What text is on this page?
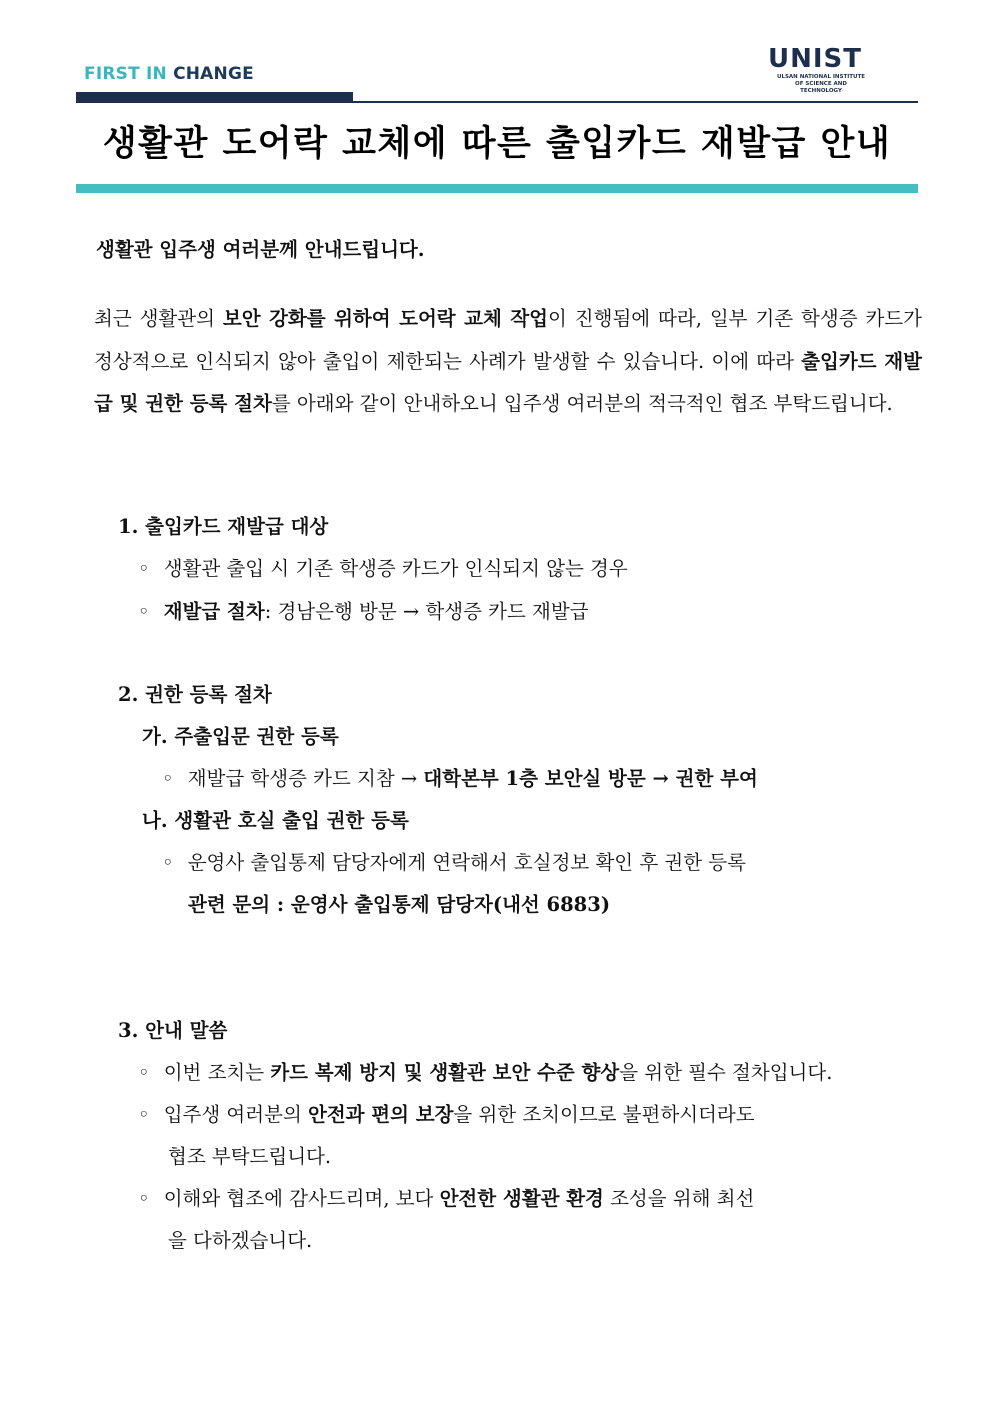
FIRST IN CHANGE	UNIST
ULSAN NATIONAL INSTITUTE OF SCIENCE AND TECHNOLOGY
생활관 도어락 교체에 따른 출입카드 재발급 안내
생활관 입주생 여러분께 안내드립니다.
최근 생활관의 보안 강화를 위하여 도어락 교체 작업이 진행됨에 따라, 일부 기존 학생증 카드가 정상적으로 인식되지 않아 출입이 제한되는 사례가 발생할 수 있습니다. 이에 따라 출입카드 재발급 및 권한 등록 절차를 아래와 같이 안내하오니 입주생 여러분의 적극적인 협조 부탁드립니다.
1. 출입카드 재발급 대상
◦ 생활관 출입 시 기존 학생증 카드가 인식되지 않는 경우
◦ 재발급 절차: 경남은행 방문 → 학생증 카드 재발급
2. 권한 등록 절차
가. 주출입문 권한 등록
◦ 재발급 학생증 카드 지참 → 대학본부 1층 보안실 방문 → 권한 부여
나. 생활관 호실 출입 권한 등록
◦ 운영사 출입통제 담당자에게 연락해서 호실정보 확인 후 권한 등록
관련 문의 : 운영사 출입통제 담당자(내선 6883)
3. 안내 말씀
◦ 이번 조치는 카드 복제 방지 및 생활관 보안 수준 향상을 위한 필수 절차입니다.
◦ 입주생 여러분의 안전과 편의 보장을 위한 조치이므로 불편하시더라도
협조 부탁드립니다.
◦ 이해와 협조에 감사드리며, 보다 안전한 생활관 환경 조성을 위해 최선
을 다하겠습니다.
